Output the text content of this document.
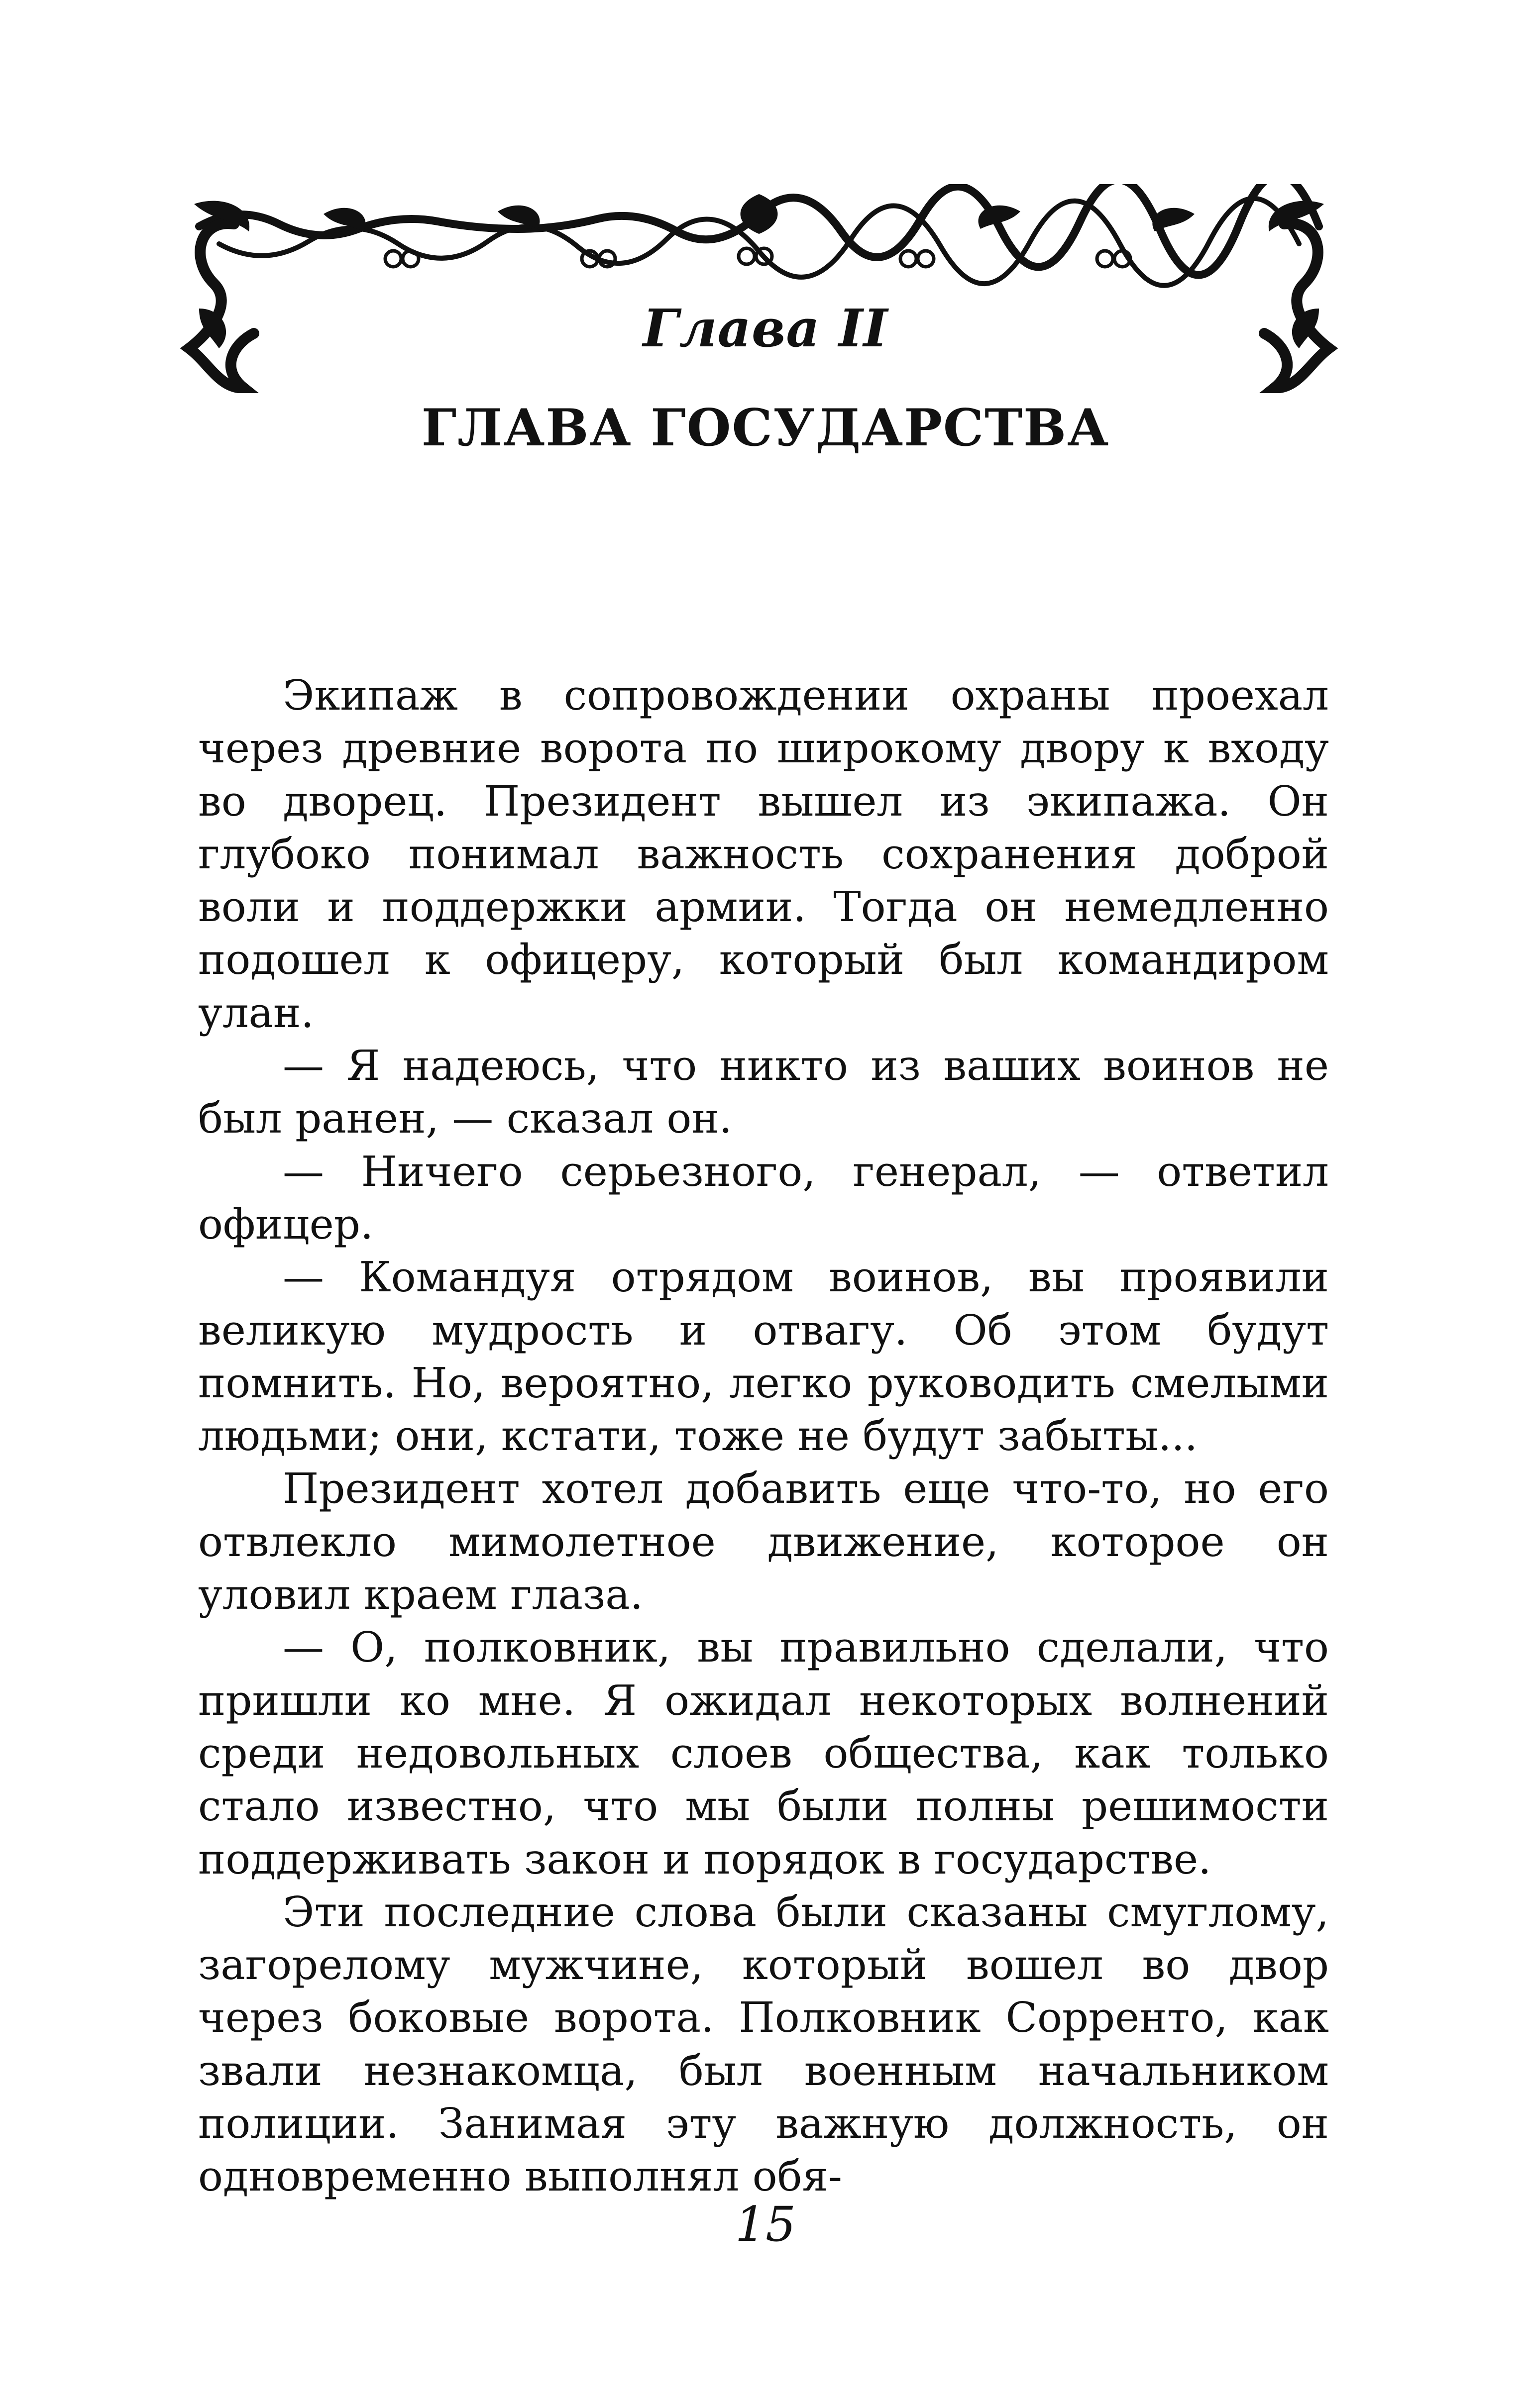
Глава II
ГЛАВА ГОСУДАРСТВА

Экипаж в сопровождении охраны проехал через древние ворота по широкому двору к входу во дворец. Президент вышел из экипажа. Он глубоко понимал важность сохранения доброй воли и поддержки армии. Тогда он немедленно подошел к офицеру, который был командиром улан.

— Я надеюсь, что никто из ваших воинов не был ранен, — сказал он.

— Ничего серьезного, генерал, — ответил офицер.

— Командуя отрядом воинов, вы проявили великую мудрость и отвагу. Об этом будут помнить. Но, вероятно, легко руководить смелыми людьми; они, кстати, тоже не будут забыты...

Президент хотел добавить еще что-то, но его отвлекло мимолетное движение, которое он уловил краем глаза.

— О, полковник, вы правильно сделали, что пришли ко мне. Я ожидал некоторых волнений среди недовольных слоев общества, как только стало известно, что мы были полны решимости поддерживать закон и порядок в государстве.

Эти последние слова были сказаны смуглому, загорелому мужчине, который вошел во двор через боковые ворота. Полковник Сорренто, как звали незнакомца, был военным начальником полиции. Занимая эту важную должность, он одновременно выполнял обя-

15
